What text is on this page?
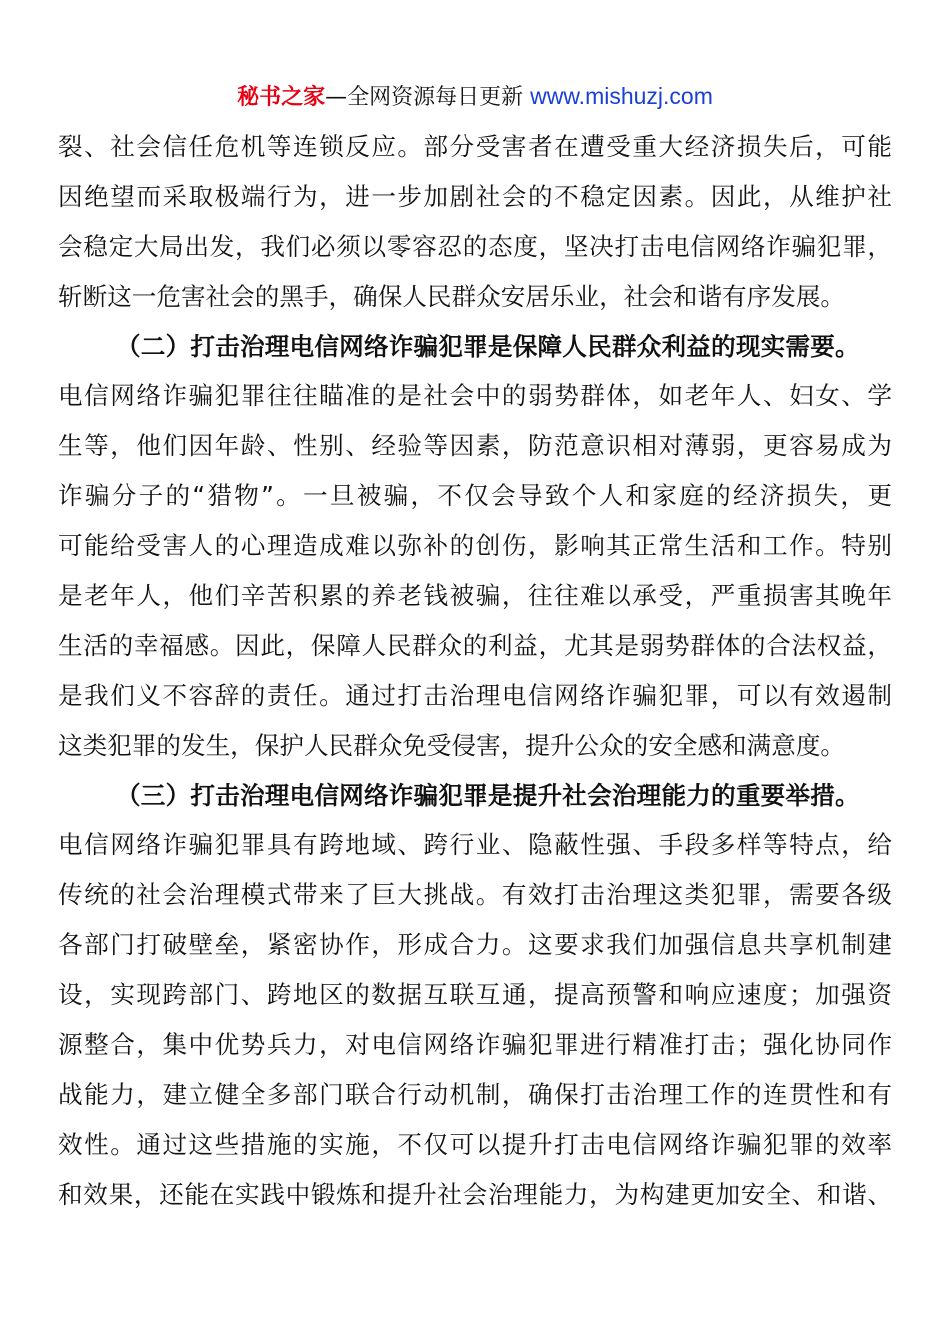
秘书之家—全网资源每日更新 www.mishuzj.com
裂、社会信任危机等连锁反应。部分受害者在遭受重大经济损失后，可能
因绝望而采取极端行为，进一步加剧社会的不稳定因素。因此，从维护社
会稳定大局出发，我们必须以零容忍的态度，坚决打击电信网络诈骗犯罪，
斩断这一危害社会的黑手，确保人民群众安居乐业，社会和谐有序发展。
（二）打击治理电信网络诈骗犯罪是保障人民群众利益的现实需要。
电信网络诈骗犯罪往往瞄准的是社会中的弱势群体，如老年人、妇女、学
生等，他们因年龄、性别、经验等因素，防范意识相对薄弱，更容易成为
诈骗分子的“猎物”。一旦被骗，不仅会导致个人和家庭的经济损失，更
可能给受害人的心理造成难以弥补的创伤，影响其正常生活和工作。特别
是老年人，他们辛苦积累的养老钱被骗，往往难以承受，严重损害其晚年
生活的幸福感。因此，保障人民群众的利益，尤其是弱势群体的合法权益，
是我们义不容辞的责任。通过打击治理电信网络诈骗犯罪，可以有效遏制
这类犯罪的发生，保护人民群众免受侵害，提升公众的安全感和满意度。
（三）打击治理电信网络诈骗犯罪是提升社会治理能力的重要举措。
电信网络诈骗犯罪具有跨地域、跨行业、隐蔽性强、手段多样等特点，给
传统的社会治理模式带来了巨大挑战。有效打击治理这类犯罪，需要各级
各部门打破壁垒，紧密协作，形成合力。这要求我们加强信息共享机制建
设，实现跨部门、跨地区的数据互联互通，提高预警和响应速度；加强资
源整合，集中优势兵力，对电信网络诈骗犯罪进行精准打击；强化协同作
战能力，建立健全多部门联合行动机制，确保打击治理工作的连贯性和有
效性。通过这些措施的实施，不仅可以提升打击电信网络诈骗犯罪的效率
和效果，还能在实践中锻炼和提升社会治理能力，为构建更加安全、和谐、
